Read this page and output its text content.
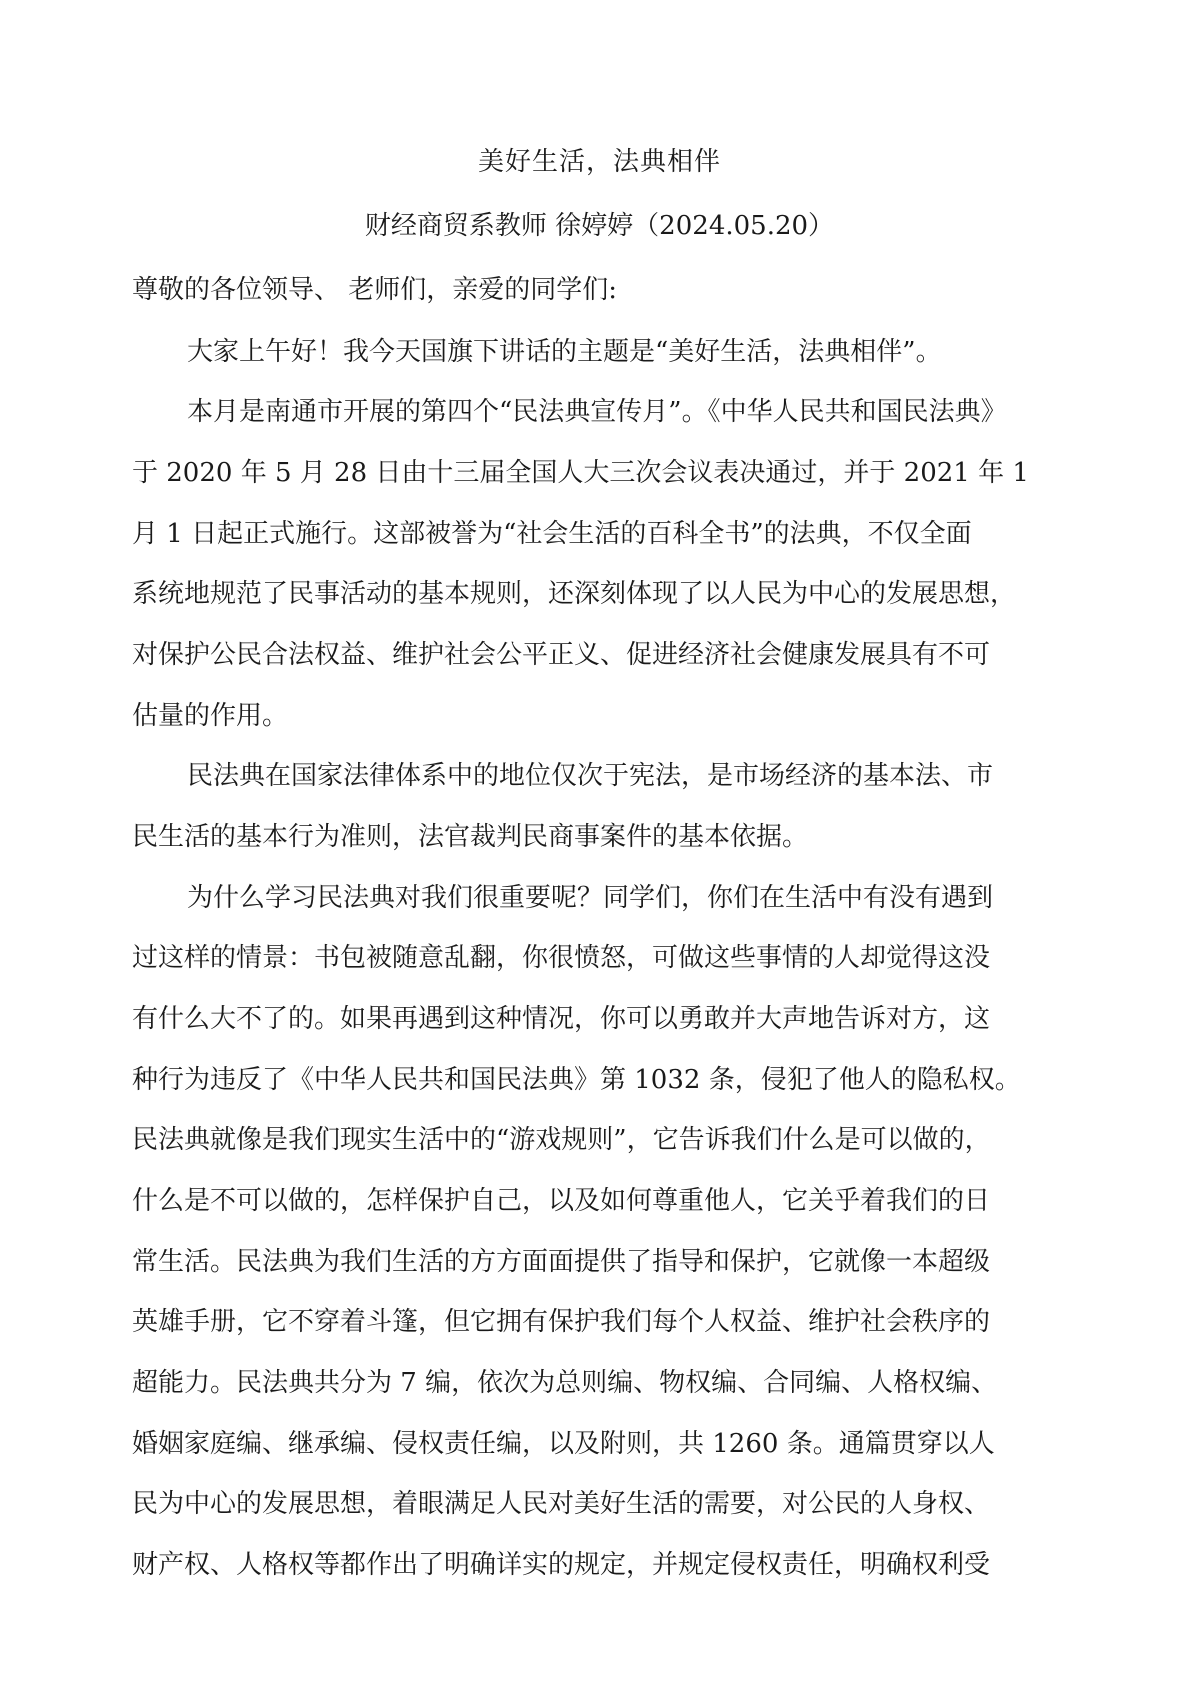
美好生活，法典相伴
财经商贸系教师 徐婷婷（2024.05.20）
尊敬的各位领导、 老师们，亲爱的同学们:
大家上午好！我今天国旗下讲话的主题是“美好生活，法典相伴”。
本月是南通市开展的第四个“民法典宣传月”。《中华人民共和国民法典》
于 2020 年 5 月 28 日由十三届全国人大三次会议表决通过，并于 2021 年 1
月 1 日起正式施行。这部被誉为“社会生活的百科全书”的法典，不仅全面
系统地规范了民事活动的基本规则，还深刻体现了以人民为中心的发展思想，
对保护公民合法权益、维护社会公平正义、促进经济社会健康发展具有不可
估量的作用。
民法典在国家法律体系中的地位仅次于宪法，是市场经济的基本法、市
民生活的基本行为准则，法官裁判民商事案件的基本依据。
为什么学习民法典对我们很重要呢？同学们，你们在生活中有没有遇到
过这样的情景：书包被随意乱翻，你很愤怒，可做这些事情的人却觉得这没
有什么大不了的。如果再遇到这种情况，你可以勇敢并大声地告诉对方，这
种行为违反了《中华人民共和国民法典》第 1032 条，侵犯了他人的隐私权。
民法典就像是我们现实生活中的“游戏规则”，它告诉我们什么是可以做的，
什么是不可以做的，怎样保护自己，以及如何尊重他人，它关乎着我们的日
常生活。民法典为我们生活的方方面面提供了指导和保护，它就像一本超级
英雄手册，它不穿着斗篷，但它拥有保护我们每个人权益、维护社会秩序的
超能力。民法典共分为 7 编，依次为总则编、物权编、合同编、人格权编、
婚姻家庭编、继承编、侵权责任编，以及附则，共 1260 条。通篇贯穿以人
民为中心的发展思想，着眼满足人民对美好生活的需要，对公民的人身权、
财产权、人格权等都作出了明确详实的规定，并规定侵权责任，明确权利受
